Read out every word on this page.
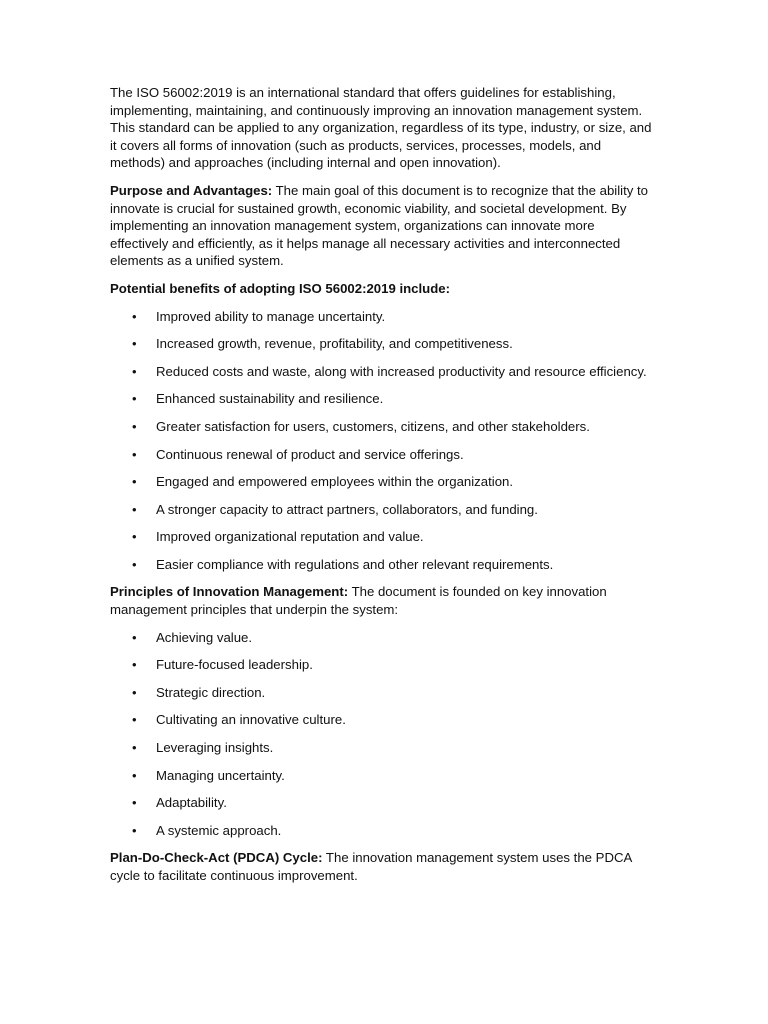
The ISO 56002:2019 is an international standard that offers guidelines for establishing, implementing, maintaining, and continuously improving an innovation management system. This standard can be applied to any organization, regardless of its type, industry, or size, and it covers all forms of innovation (such as products, services, processes, models, and methods) and approaches (including internal and open innovation).

Purpose and Advantages: The main goal of this document is to recognize that the ability to innovate is crucial for sustained growth, economic viability, and societal development. By implementing an innovation management system, organizations can innovate more effectively and efficiently, as it helps manage all necessary activities and interconnected elements as a unified system.

Potential benefits of adopting ISO 56002:2019 include:

• Improved ability to manage uncertainty.
• Increased growth, revenue, profitability, and competitiveness.
• Reduced costs and waste, along with increased productivity and resource efficiency.
• Enhanced sustainability and resilience.
• Greater satisfaction for users, customers, citizens, and other stakeholders.
• Continuous renewal of product and service offerings.
• Engaged and empowered employees within the organization.
• A stronger capacity to attract partners, collaborators, and funding.
• Improved organizational reputation and value.
• Easier compliance with regulations and other relevant requirements.

Principles of Innovation Management: The document is founded on key innovation management principles that underpin the system:

• Achieving value.
• Future-focused leadership.
• Strategic direction.
• Cultivating an innovative culture.
• Leveraging insights.
• Managing uncertainty.
• Adaptability.
• A systemic approach.

Plan-Do-Check-Act (PDCA) Cycle: The innovation management system uses the PDCA cycle to facilitate continuous improvement.
